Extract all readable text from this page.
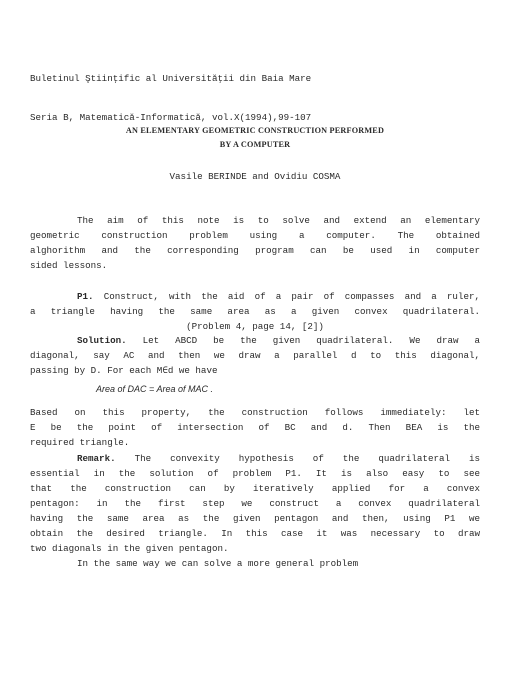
Buletinul Ştiinţific al Universităţii din Baia Mare

Seria B, Matematică-Informatică, vol.X(1994),99-107

AN ELEMENTARY GEOMETRIC CONSTRUCTION PERFORMED
BY A COMPUTER
Vasile BERINDE and Ovidiu COSMA
The aim of this note is to solve and extend an elementary
geometric construction problem using a computer. The obtained
alghorithm and the corresponding program can be used in computer
sided lessons.
P1. Construct, with the aid of a pair of compasses and a ruler,
a triangle having the same area as a given convex quadrilateral.
(Problem 4, page 14, [2])
Solution. Let ABCD be the given quadrilateral. We draw a
diagonal, say AC and then we draw a parallel d to this diagonal,
passing by D. For each M∈d we have
Area of DAC = Area of MAC .
Based on this property, the construction follows immediately: let
E be the point of intersection of BC and d. Then BEA is the
required triangle.
Remark. The convexity hypothesis of the quadrilateral is
essential in the solution of problem P1. It is also easy to see
that the construction can by iteratively applied for a convex
pentagon: in the first step we construct a convex quadrilateral
having the same area as the given pentagon and then, using P1 we
obtain the desired triangle. In this case it was necessary to draw
two diagonals in the given pentagon.
In the same way we can solve a more general problem
